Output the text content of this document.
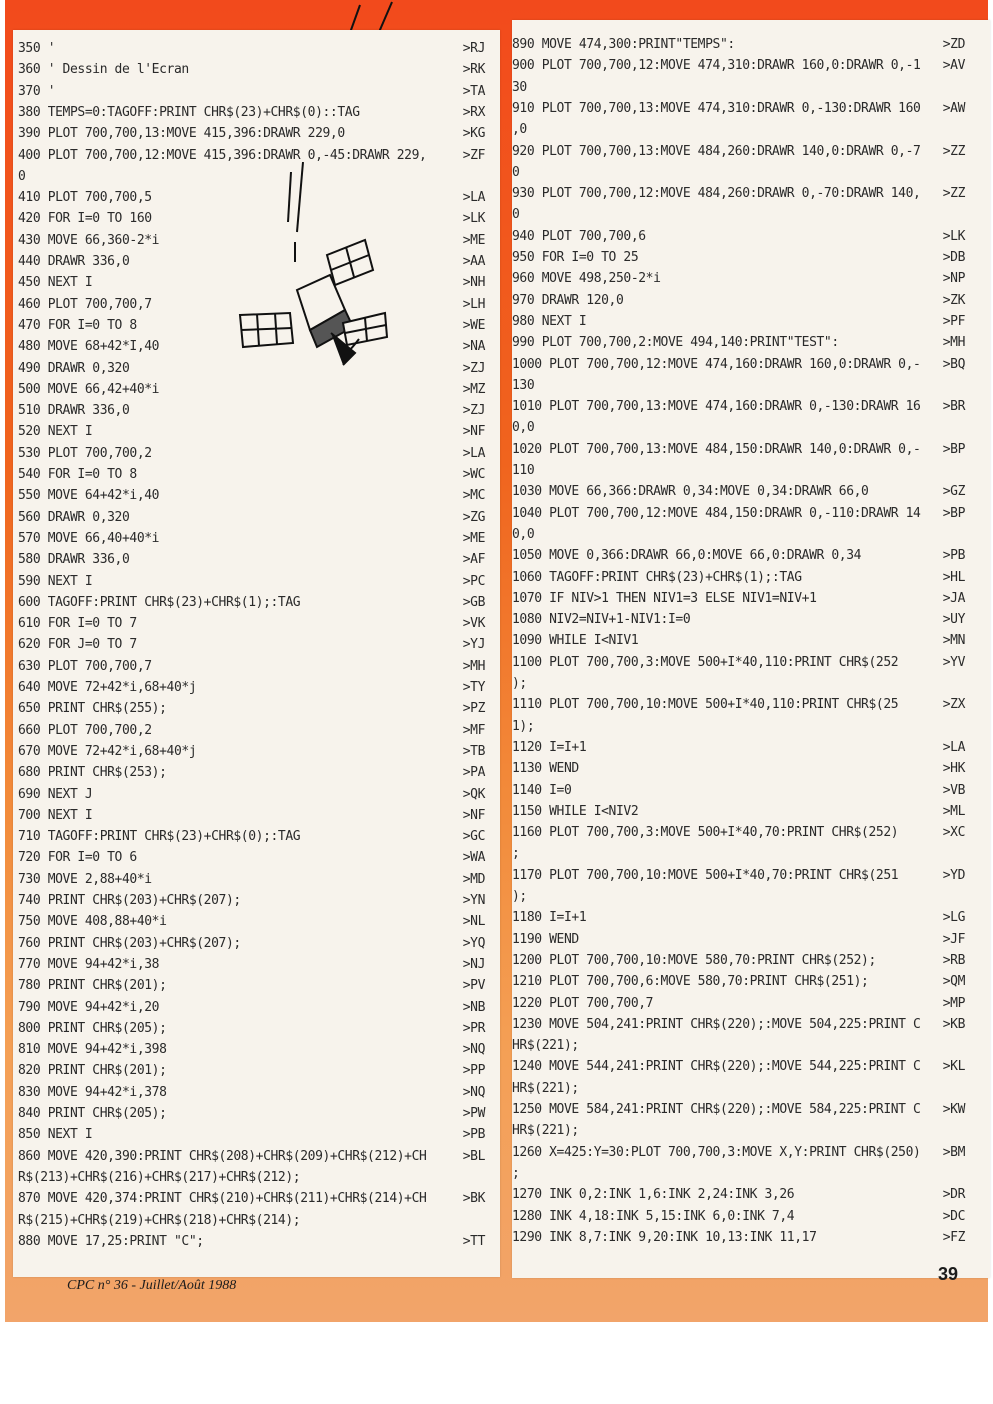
350 '	>RJ
360 ' Dessin de l'Ecran	>RK
370 '	>TA
380 TEMPS=0:TAGOFF:PRINT CHR$(23)+CHR$(0)::TAG	>RX
390 PLOT 700,700,13:MOVE 415,396:DRAWR 229,0	>KG
400 PLOT 700,700,12:MOVE 415,396:DRAWR 0,-45:DRAWR 229,	>ZF
0
410 PLOT 700,700,5	>LA
420 FOR I=0 TO 160	>LK
430 MOVE 66,360-2*i	>ME
440 DRAWR 336,0	>AA
450 NEXT I	>NH
460 PLOT 700,700,7	>LH
470 FOR I=0 TO 8	>WE
480 MOVE 68+42*I,40	>NA
490 DRAWR 0,320	>ZJ
500 MOVE 66,42+40*i	>MZ
510 DRAWR 336,0	>ZJ
520 NEXT I	>NF
530 PLOT 700,700,2	>LA
540 FOR I=0 TO 8	>WC
550 MOVE 64+42*i,40	>MC
560 DRAWR 0,320	>ZG
570 MOVE 66,40+40*i	>ME
580 DRAWR 336,0	>AF
590 NEXT I	>PC
600 TAGOFF:PRINT CHR$(23)+CHR$(1);:TAG	>GB
610 FOR I=0 TO 7	>VK
620 FOR J=0 TO 7	>YJ
630 PLOT 700,700,7	>MH
640 MOVE 72+42*i,68+40*j	>TY
650 PRINT CHR$(255);	>PZ
660 PLOT 700,700,2	>MF
670 MOVE 72+42*i,68+40*j	>TB
680 PRINT CHR$(253);	>PA
690 NEXT J	>QK
700 NEXT I	>NF
710 TAGOFF:PRINT CHR$(23)+CHR$(0);:TAG	>GC
720 FOR I=0 TO 6	>WA
730 MOVE 2,88+40*i	>MD
740 PRINT CHR$(203)+CHR$(207);	>YN
750 MOVE 408,88+40*i	>NL
760 PRINT CHR$(203)+CHR$(207);	>YQ
770 MOVE 94+42*i,38	>NJ
780 PRINT CHR$(201);	>PV
790 MOVE 94+42*i,20	>NB
800 PRINT CHR$(205);	>PR
810 MOVE 94+42*i,398	>NQ
820 PRINT CHR$(201);	>PP
830 MOVE 94+42*i,378	>NQ
840 PRINT CHR$(205);	>PW
850 NEXT I	>PB
860 MOVE 420,390:PRINT CHR$(208)+CHR$(209)+CHR$(212)+CH	>BL
R$(213)+CHR$(216)+CHR$(217)+CHR$(212);
870 MOVE 420,374:PRINT CHR$(210)+CHR$(211)+CHR$(214)+CH	>BK
R$(215)+CHR$(219)+CHR$(218)+CHR$(214);
880 MOVE 17,25:PRINT "C";	>TT
890 MOVE 474,300:PRINT"TEMPS":	>ZD
900 PLOT 700,700,12:MOVE 474,310:DRAWR 160,0:DRAWR 0,-1 >AV
30
910 PLOT 700,700,13:MOVE 474,310:DRAWR 0,-130:DRAWR 160 >AW
,0
920 PLOT 700,700,13:MOVE 484,260:DRAWR 140,0:DRAWR 0,-7 >ZZ
0
930 PLOT 700,700,12:MOVE 484,260:DRAWR 0,-70:DRAWR 140, >ZZ
0
940 PLOT 700,700,6	>LK
950 FOR I=0 TO 25	>DB
960 MOVE 498,250-2*i	>NP
970 DRAWR 120,0	>ZK
980 NEXT I	>PF
990 PLOT 700,700,2:MOVE 494,140:PRINT"TEST":	>MH
1000 PLOT 700,700,12:MOVE 474,160:DRAWR 160,0:DRAWR 0,- >BQ
130
1010 PLOT 700,700,13:MOVE 474,160:DRAWR 0,-130:DRAWR 16 >BR
0,0
1020 PLOT 700,700,13:MOVE 484,150:DRAWR 140,0:DRAWR 0,- >BP
110
1030 MOVE 66,366:DRAWR 0,34:MOVE 0,34:DRAWR 66,0	>GZ
1040 PLOT 700,700,12:MOVE 484,150:DRAWR 0,-110:DRAWR 14 >BP
0,0
1050 MOVE 0,366:DRAWR 66,0:MOVE 66,0:DRAWR 0,34	>PB
1060 TAGOFF:PRINT CHR$(23)+CHR$(1);:TAG	>HL
1070 IF NIV>1 THEN NIV1=3 ELSE NIV1=NIV+1	>JA
1080 NIV2=NIV+1-NIV1:I=0	>UY
1090 WHILE I<NIV1	>MN
1100 PLOT 700,700,3:MOVE 500+I*40,110:PRINT CHR$(252	>YV
);
1110 PLOT 700,700,10:MOVE 500+I*40,110:PRINT CHR$(25	>ZX
1);
1120 I=I+1	>LA
1130 WEND	>HK
1140 I=0	>VB
1150 WHILE I<NIV2	>ML
1160 PLOT 700,700,3:MOVE 500+I*40,70:PRINT CHR$(252)	>XC
;
1170 PLOT 700,700,10:MOVE 500+I*40,70:PRINT CHR$(251	>YD
);
1180 I=I+1	>LG
1190 WEND	>JF
1200 PLOT 700,700,10:MOVE 580,70:PRINT CHR$(252);	>RB
1210 PLOT 700,700,6:MOVE 580,70:PRINT CHR$(251);	>QM
1220 PLOT 700,700,7	>MP
1230 MOVE 504,241:PRINT CHR$(220);:MOVE 504,225:PRINT C >KB
HR$(221);
1240 MOVE 544,241:PRINT CHR$(220);:MOVE 544,225:PRINT C >KL
HR$(221);
1250 MOVE 584,241:PRINT CHR$(220);:MOVE 584,225:PRINT C >KW
HR$(221);
1260 X=425:Y=30:PLOT 700,700,3:MOVE X,Y:PRINT CHR$(250) >BM
;
1270 INK 0,2:INK 1,6:INK 2,24:INK 3,26	>DR
1280 INK 4,18:INK 5,15:INK 6,0:INK 7,4	>DC
1290 INK 8,7:INK 9,20:INK 10,13:INK 11,17	>FZ
CPC n° 36 - Juillet/Août 1988
39
